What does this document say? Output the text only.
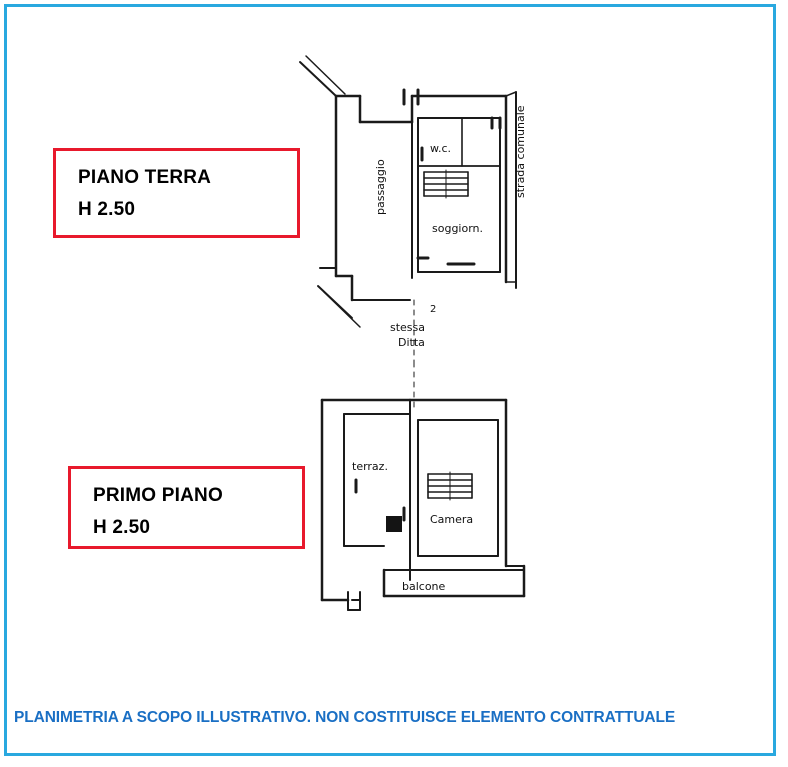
passaggio
w.c.
soggiorn.
strada comunale
2
stessa
Ditta
terraz.
Camera
balcone
PIANO TERRA
H 2.50
PRIMO PIANO
H 2.50
PLANIMETRIA A SCOPO ILLUSTRATIVO. NON COSTITUISCE ELEMENTO CONTRATTUALE
